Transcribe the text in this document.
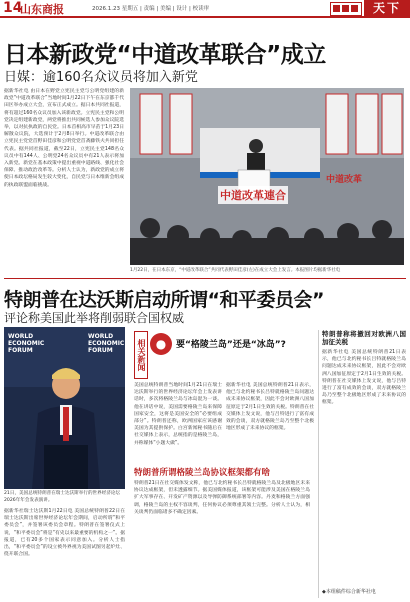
14
山东商报	2026.1.23 星期五 | 责编 | 美编 | 设计 | 校读审	天下
日本新政党“中道改革联合”成立
日媒：逾160名众议员将加入新党
据新华社电 由日本在野党立宪民主党与公明党组建的新政党“中道改革联合”当地时间1月22日下午在东京都千代田区举办成立大会，宣布正式成立。据日本共同社报道，将有超过160名众议员加入该新政党。立宪民主党和公明党决定组建新政党，两党将推出共同候选人参加众议院选举，以对抗执政的自民党。日本首相高市早苗于1月23日解散众议院，大选预计于2月8日举行。中道改革联合由立宪民主党党首野田佳彦和公明党党首斋藤铁夫共同担任代表。据共同社报道，截至22日，立宪民主党148名众议员中有144人、公明党24名众议员中有21人表示将加入新党。新党在基本政策中提出重视中道路线、强化社会保障、推动政治改革等。分析人士认为，新政党的成立将使日本政坛格局发生较大变化，自民党与日本维新会组成的执政联盟面临挑战。
中道改革連合
中道改革
1月22日，在日本东京，“中道改革联合”共同代表野田佳彦(左)在成立大会上发言。本报图片均据新华社电
特朗普在达沃斯启动所谓“和平委员会”
评论称美国此举将削弱联合国权威
WORLD
ECONOMIC
FORUM
WORLD
ECONOMIC
FORUM
21日，美国总统特朗普在瑞士达沃斯举行的世界经济论坛2026年年会发表演讲。
据新华社瑞士达沃斯1月22日电 美国总统特朗普22日在瑞士达沃斯出席世界经济论坛年会期间，启动所谓“和平委员会”，并签署该委员会章程。特朗普在签署仪式上说，“和平委员会”将是“有史以来最重要的机构之一”。据报道，已有20多个国家表示同意加入。分析人士指出，“和平委员会”的设立被外界视为美国试图另起炉灶、绕开联合国。
相关新闻 ●	要“格陵兰岛”还是“冰岛”?
美国总统特朗普当地时间1月21日在瑞士达沃斯举行的世界经济论坛年会上发表讲话时，多次将格陵兰岛与冰岛混为一谈。他在讲话中说，美国需要格陵兰岛来保障国家安全，这将是美国安全的“必要组成部分”。特朗普还称，欧洲国家应该感谢美国为其提供保护。白宫新闻秘书随后在社交媒体上表示，总统指的是格陵兰岛，并称媒体“小题大做”。
据新华社电 美国总统特朗普21日表示，他已与北约秘书长吕特就格陵兰岛问题达成未来协议框架，因此不会对欧洲八国加征原定于2月1日生效的关税。特朗普在社交媒体上发文说，他与吕特进行了富有成效的会谈，双方就格陵兰岛乃至整个北极地区形成了未来协议的框架。
特朗普所谓格陵兰岛协议框架都有啥
特朗普21日在社交媒体发文称，他已与北约秘书长吕特就格陵兰岛及北极地区未来协议达成框架，但未透露细节。据美国媒体报道，该框架可能涉及美国在格陵兰岛扩大军事存在、开发矿产资源以及导弹防御系统部署等内容。丹麦和格陵兰方面强调，格陵兰岛的主权不容谈判，任何协议必须尊重其领土完整。分析人士认为，相关谈判仍面临诸多不确定因素。
特朗普称将撤回对欧洲八国加征关税
据新华社电 美国总统特朗普21日表示，他已与北约秘书长吕特就格陵兰岛问题达成未来协议框架，因此不会对欧洲八国加征原定于2月1日生效的关税。特朗普在社交媒体上发文说，他与吕特进行了富有成效的会谈，双方就格陵兰岛乃至整个北极地区形成了未来协议的框架。
◆本组稿件综合新华社电
